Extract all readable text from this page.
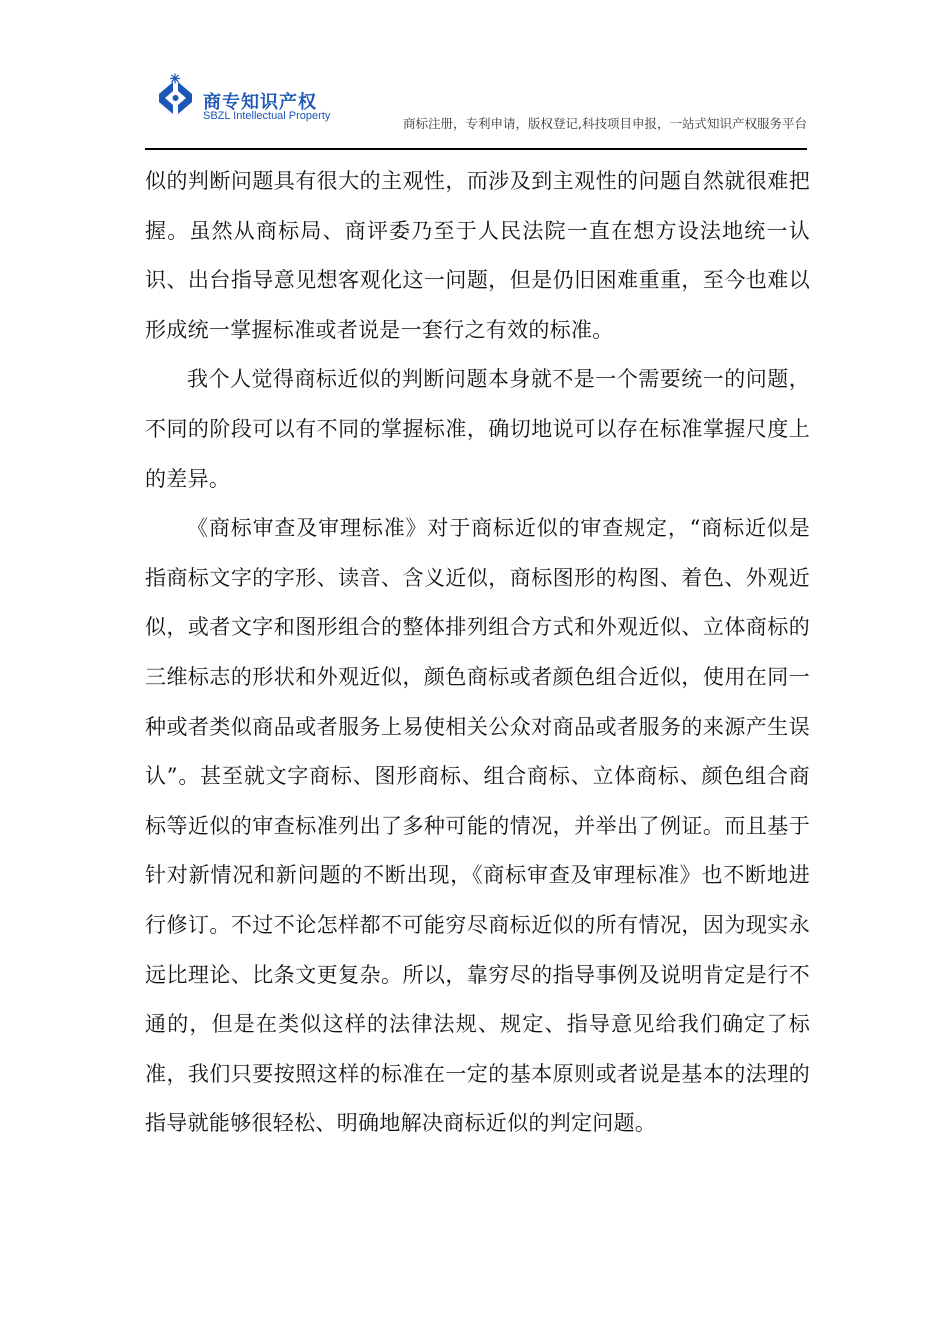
商专知识产权
SBZL Intellectual Property	商标注册，专利申请，版权登记,科技项目申报，一站式知识产权服务平台

似的判断问题具有很大的主观性，而涉及到主观性的问题自然就很难把握。虽然从商标局、商评委乃至于人民法院一直在想方设法地统一认识、出台指导意见想客观化这一问题，但是仍旧困难重重，至今也难以形成统一掌握标准或者说是一套行之有效的标准。

我个人觉得商标近似的判断问题本身就不是一个需要统一的问题，不同的阶段可以有不同的掌握标准，确切地说可以存在标准掌握尺度上的差异。

《商标审查及审理标准》对于商标近似的审查规定，“商标近似是指商标文字的字形、读音、含义近似，商标图形的构图、着色、外观近似，或者文字和图形组合的整体排列组合方式和外观近似、立体商标的三维标志的形状和外观近似，颜色商标或者颜色组合近似，使用在同一种或者类似商品或者服务上易使相关公众对商品或者服务的来源产生误认”。甚至就文字商标、图形商标、组合商标、立体商标、颜色组合商标等近似的审查标准列出了多种可能的情况，并举出了例证。而且基于针对新情况和新问题的不断出现，《商标审查及审理标准》也不断地进行修订。不过不论怎样都不可能穷尽商标近似的所有情况，因为现实永远比理论、比条文更复杂。所以，靠穷尽的指导事例及说明肯定是行不通的，但是在类似这样的法律法规、规定、指导意见给我们确定了标准，我们只要按照这样的标准在一定的基本原则或者说是基本的法理的指导就能够很轻松、明确地解决商标近似的判定问题。
